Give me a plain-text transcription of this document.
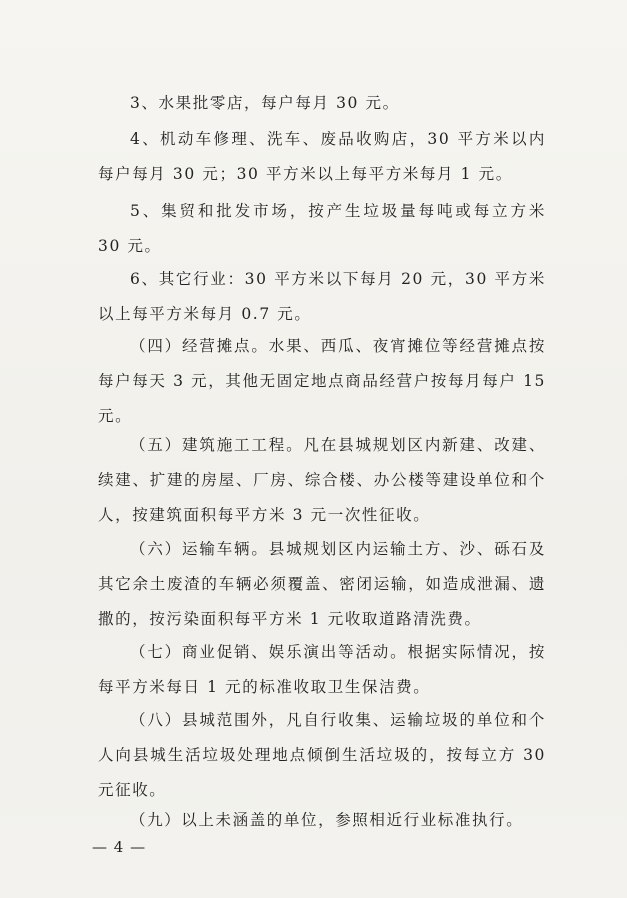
3、水果批零店，每户每月 30 元。

4、机动车修理、洗车、废品收购店，30 平方米以内每户每月 30 元；30 平方米以上每平方米每月 1 元。

5、集贸和批发市场，按产生垃圾量每吨或每立方米 30 元。

6、其它行业：30 平方米以下每月 20 元，30 平方米以上每平方米每月 0.7 元。

（四）经营摊点。水果、西瓜、夜宵摊位等经营摊点按每户每天 3 元，其他无固定地点商品经营户按每月每户 15 元。

（五）建筑施工工程。凡在县城规划区内新建、改建、续建、扩建的房屋、厂房、综合楼、办公楼等建设单位和个人，按建筑面积每平方米 3 元一次性征收。

（六）运输车辆。县城规划区内运输土方、沙、砾石及其它余土废渣的车辆必须覆盖、密闭运输，如造成泄漏、遗撒的，按污染面积每平方米 1 元收取道路清洗费。

（七）商业促销、娱乐演出等活动。根据实际情况，按每平方米每日 1 元的标准收取卫生保洁费。

（八）县城范围外，凡自行收集、运输垃圾的单位和个人向县城生活垃圾处理地点倾倒生活垃圾的，按每立方 30 元征收。

（九）以上未涵盖的单位，参照相近行业标准执行。

— 4 —
